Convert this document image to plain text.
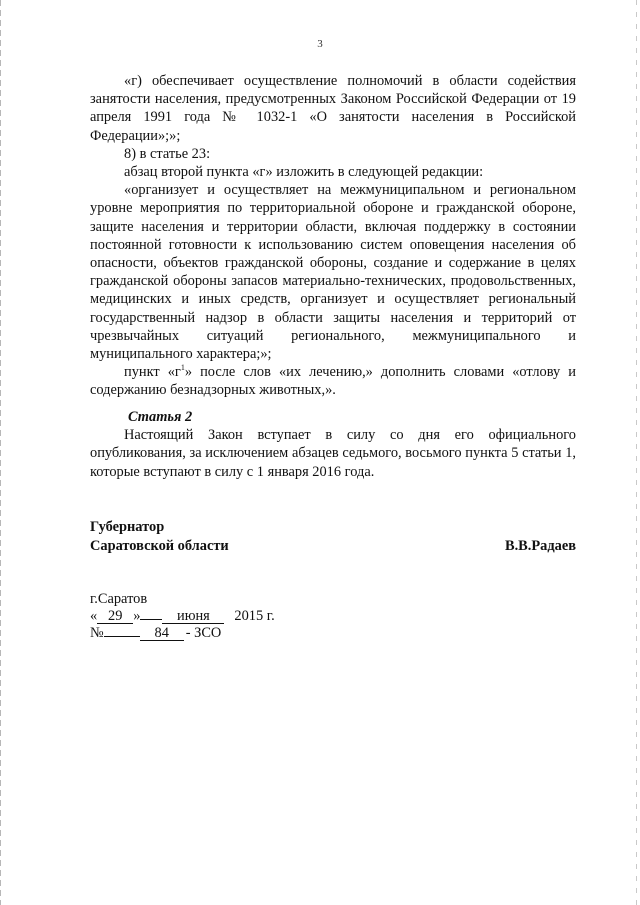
3

«г) обеспечивает осуществление полномочий в области содействия занятости населения, предусмотренных Законом Российской Федерации от 19 апреля 1991 года № 1032-1 «О занятости населения в Российской Федерации»;»;

8) в статье 23:

абзац второй пункта «г» изложить в следующей редакции:

«организует и осуществляет на межмуниципальном и региональном уровне мероприятия по территориальной обороне и гражданской обороне, защите населения и территории области, включая поддержку в состоянии постоянной готовности к использованию систем оповещения населения об опасности, объектов гражданской обороны, создание и содержание в целях гражданской обороны запасов материально-технических, продовольственных, медицинских и иных средств, организует и осуществляет региональный государственный надзор в области защиты населения и территорий от чрезвычайных ситуаций регионального, межмуниципального и муниципального характера;»;

пункт «$г^1$» после слов «их лечению,» дополнить словами «отлову и содержанию безнадзорных животных,».

Статья 2

Настоящий Закон вступает в силу со дня его официального опубликования, за исключением абзацев седьмого, восьмого пункта 5 статьи 1, которые вступают в силу с 1 января 2016 года.

Губернатор
Саратовской области	В.В.Радаев
г.Саратов
« 29 »	июня 2015 г.
№	84 - ЗСО
